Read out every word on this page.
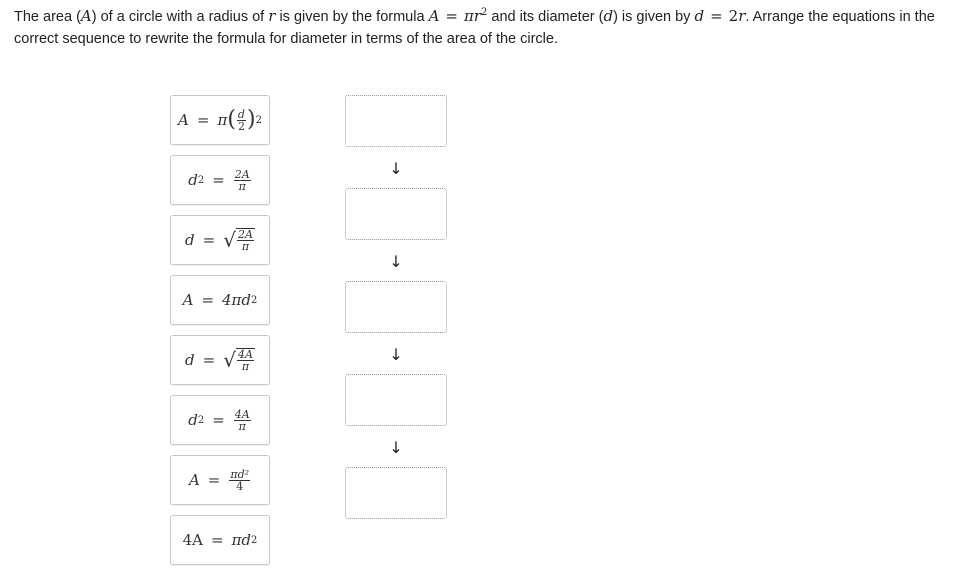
The area (A) of a circle with a radius of r is given by the formula $A = \pi r^2$ and its diameter (d) is given by d = 2r. Arrange the equations in the correct sequence to rewrite the formula for diameter in terms of the area of the circle.
A = π ( $\frac{d}{2}$ ) 2
d $2 = \frac{2A}{\pi}$
d = √ $\frac{2A}{\pi}$
A = 4πd 2
d = √ $\frac{4A}{\pi}$
d $2 = \frac{4A}{\pi}$
$A = \frac{\text{πd²}}{4}$
4A = πd 2
↓
↓
↓
↓
